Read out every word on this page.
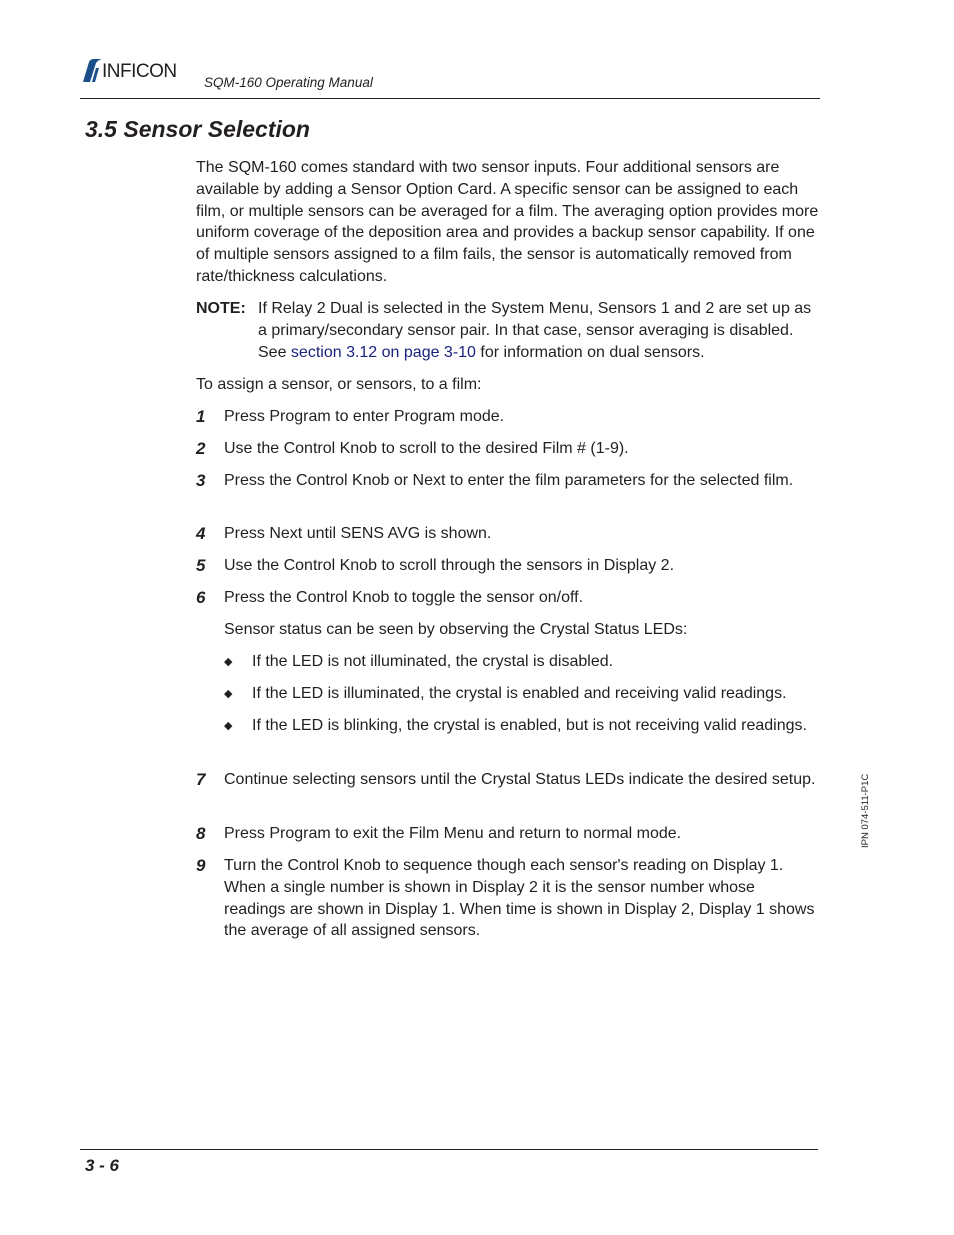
INFICON
SQM-160 Operating Manual
3.5 Sensor Selection

The SQM-160 comes standard with two sensor inputs. Four additional sensors are available by adding a Sensor Option Card. A specific sensor can be assigned to each film, or multiple sensors can be averaged for a film. The averaging option provides more uniform coverage of the deposition area and provides a backup sensor capability. If one of multiple sensors assigned to a film fails, the sensor is automatically removed from rate/thickness calculations.

NOTE: If Relay 2 Dual is selected in the System Menu, Sensors 1 and 2 are set up as a primary/secondary sensor pair. In that case, sensor averaging is disabled. See section 3.12 on page 3-10 for information on dual sensors.

To assign a sensor, or sensors, to a film:

1 Press Program to enter Program mode.
2 Use the Control Knob to scroll to the desired Film # (1-9).
3 Press the Control Knob or Next to enter the film parameters for the selected film.
4 Press Next until SENS AVG is shown.
5 Use the Control Knob to scroll through the sensors in Display 2.
6 Press the Control Knob to toggle the sensor on/off.

Sensor status can be seen by observing the Crystal Status LEDs:

◆ If the LED is not illuminated, the crystal is disabled.
◆ If the LED is illuminated, the crystal is enabled and receiving valid readings.
◆ If the LED is blinking, the crystal is enabled, but is not receiving valid readings.
7 Continue selecting sensors until the Crystal Status LEDs indicate the desired setup.
8 Press Program to exit the Film Menu and return to normal mode.
9 Turn the Control Knob to sequence though each sensor's reading on Display 1. When a single number is shown in Display 2 it is the sensor number whose readings are shown in Display 1. When time is shown in Display 2, Display 1 shows the average of all assigned sensors.
IPN 074-511-P1C
3 - 6
